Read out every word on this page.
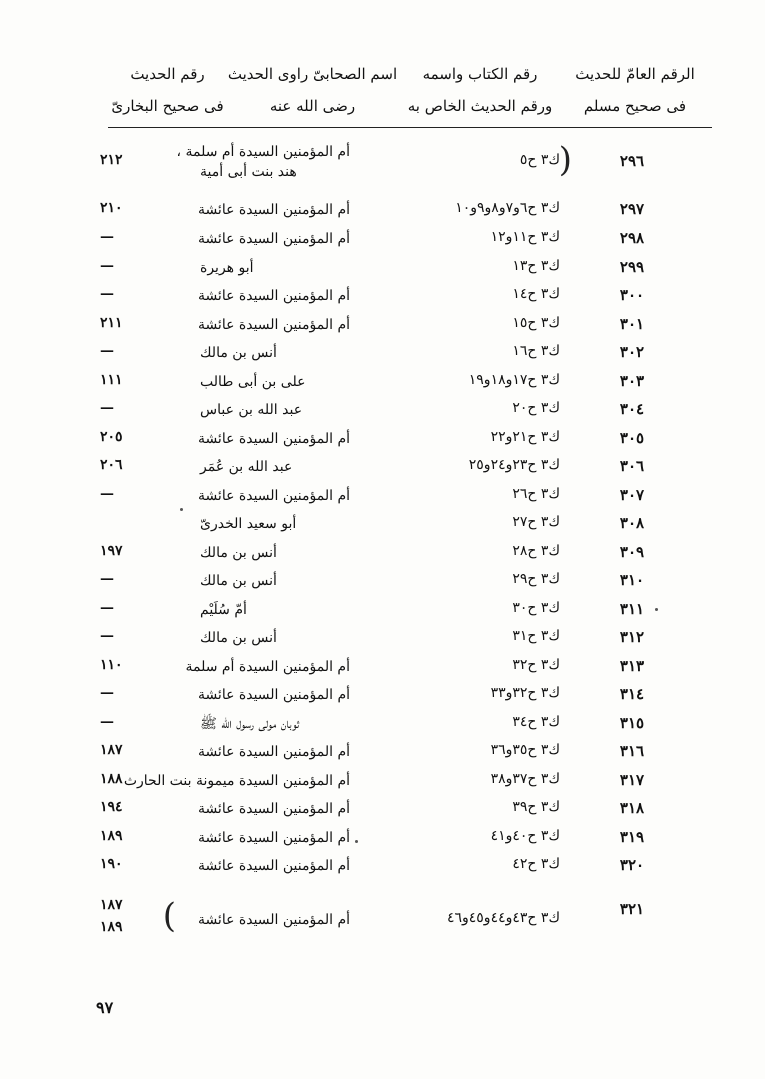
الرقم العامّ للحديث
فى صحيح مسلم
رقم الكتاب واسمه
ورقم الحديث الخاص به
اسم الصحابىّ راوى الحديث
رضى الله عنه
رقم الحديث
فى صحيح البخارىّ
٢٩٦
ك٣ ح٥
أم المؤمنين السيدة أم سلمة ،
هند بنت أبى أمية	(
٢١٢
٢٩٧
ك٣ ح٦و٧و٨و٩و١٠
أم المؤمنين السيدة عائشة
٢١٠
٢٩٨
ك٣ ح١١و١٢
أم المؤمنين السيدة عائشة
—
٢٩٩
ك٣ ح١٣
أبو هريرة
—
٣٠٠
ك٣ ح١٤
أم المؤمنين السيدة عائشة
—
٣٠١
ك٣ ح١٥
أم المؤمنين السيدة عائشة
٢١١
٣٠٢
ك٣ ح١٦
أنس بن مالك
—
٣٠٣
ك٣ ح١٧و١٨و١٩
على بن أبى طالب
١١١
٣٠٤
ك٣ ح٢٠
عبد الله بن عباس
—
٣٠٥
ك٣ ح٢١و٢٢
أم المؤمنين السيدة عائشة
٢٠٥
٣٠٦
ك٣ ح٢٣و٢٤و٢٥
عبد الله بن عُمَر
٢٠٦
٣٠٧
ك٣ ح٢٦
أم المؤمنين السيدة عائشة
—
٣٠٨
ك٣ ح٢٧
أبو سعيد الخدرىّ
٣٠٩
ك٣ ح٢٨
أنس بن مالك
١٩٧
٣١٠
ك٣ ح٢٩
أنس بن مالك
—
٣١١
ك٣ ح٣٠
أمّ سُلَيْم
—
٣١٢
ك٣ ح٣١
أنس بن مالك
—
٣١٣
ك٣ ح٣٢
أم المؤمنين السيدة أم سلمة
١١٠
٣١٤
ك٣ ح٣٢و٣٣
أم المؤمنين السيدة عائشة
—
٣١٥
ك٣ ح٣٤
ثوبان مولى رسول الله ﷺ
—
٣١٦
ك٣ ح٣٥و٣٦
أم المؤمنين السيدة عائشة
١٨٧
٣١٧
ك٣ ح٣٧و٣٨
أم المؤمنين السيدة ميمونة بنت الحارث
١٨٨
٣١٨
ك٣ ح٣٩
أم المؤمنين السيدة عائشة
١٩٤
٣١٩
ك٣ ح٤٠و٤١
أم المؤمنين السيدة عائشة
١٨٩
٣٢٠
ك٣ ح٤٢
أم المؤمنين السيدة عائشة
١٩٠
٣٢١
ك٣ ح٤٣و٤٤و٤٥و٤٦
أم المؤمنين السيدة عائشة
)
١٨٧
١٨٩
٩٧
